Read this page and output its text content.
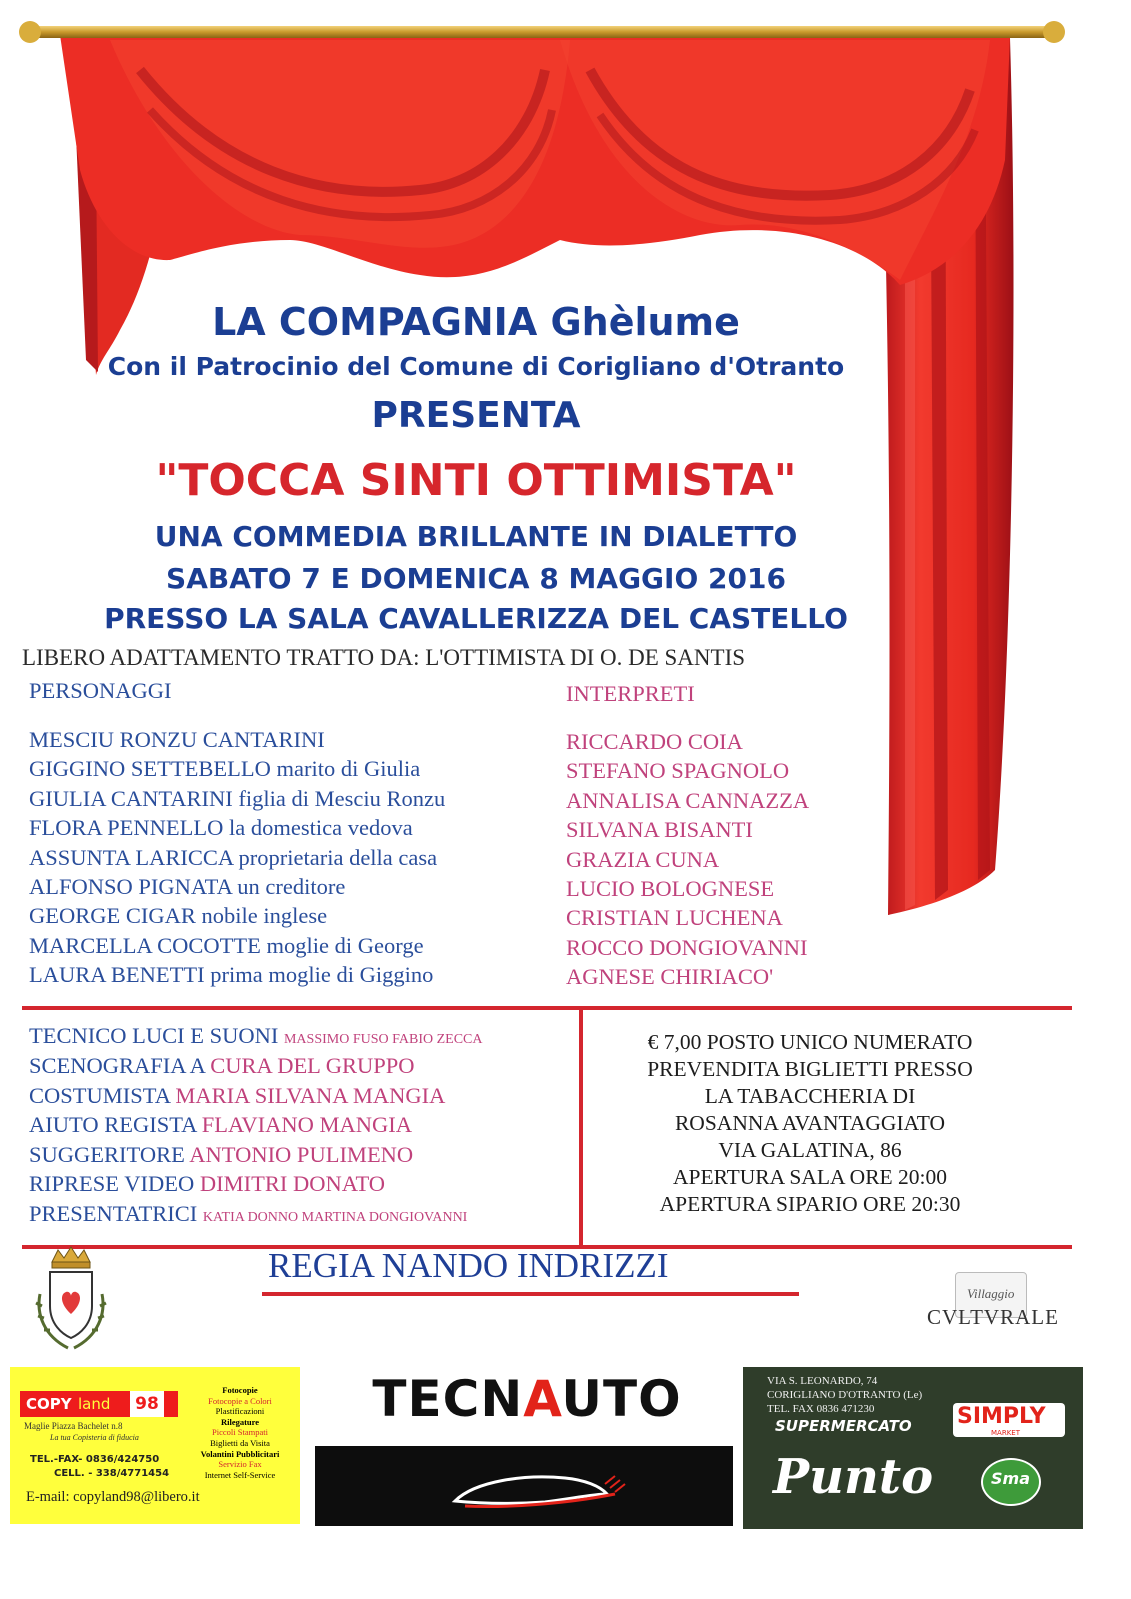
LA COMPAGNIA Ghèlume
Con il Patrocinio del Comune di Corigliano d'Otranto
PRESENTA
"TOCCA SINTI OTTIMISTA"
UNA COMMEDIA BRILLANTE IN DIALETTO
SABATO 7 E DOMENICA 8 MAGGIO 2016
PRESSO LA SALA CAVALLERIZZA DEL CASTELLO
LIBERO ADATTAMENTO TRATTO DA: L'OTTIMISTA DI O. DE SANTIS
PERSONAGGI	INTERPRETI
MESCIU RONZU CANTARINI	RICCARDO COIA
GIGGINO SETTEBELLO marito di Giulia	STEFANO SPAGNOLO
GIULIA CANTARINI figlia di Mesciu Ronzu	ANNALISA CANNAZZA
FLORA PENNELLO la domestica vedova	SILVANA BISANTI
ASSUNTA LARICCA proprietaria della casa	GRAZIA CUNA
ALFONSO PIGNATA un creditore	LUCIO BOLOGNESE
GEORGE CIGAR nobile inglese	CRISTIAN LUCHENA
MARCELLA COCOTTE moglie di George	ROCCO DONGIOVANNI
LAURA BENETTI prima moglie di Giggino	AGNESE CHIRIACO'
TECNICO LUCI E SUONI MASSIMO FUSO FABIO ZECCA
SCENOGRAFIA A CURA DEL GRUPPO
COSTUMISTA MARIA SILVANA MANGIA
AIUTO REGISTA FLAVIANO MANGIA
SUGGERITORE ANTONIO PULIMENO
RIPRESE VIDEO DIMITRI DONATO
PRESENTATRICI KATIA DONNO MARTINA DONGIOVANNI
€ 7,00 POSTO UNICO NUMERATO
PREVENDITA BIGLIETTI PRESSO
LA TABACCHERIA DI
ROSANNA AVANTAGGIATO
VIA GALATINA, 86
APERTURA SALA ORE 20:00
APERTURA SIPARIO ORE 20:30
REGIA NANDO INDRIZZI
Villaggio
CVLTVRALE
COPY land	98
Maglie Piazza Bachelet n.8
La tua Copisteria di fiducia
TEL.-FAX- 0836/424750
CELL. - 338/4771454
E-mail: copyland98@libero.it
Fotocopie
Fotocopie a Colori
Plastificazioni
Rilegature
Piccoli Stampati
Biglietti da Visita
Volantini Pubblicitari
Servizio Fax
Internet Self-Service
TECNAUTO	VIA S. LEONARDO, 74
CORIGLIANO D'OTRANTO (Le)
TEL. FAX 0836 471230
SUPERMERCATO SIMPLY
MARKET
Punto	Sma
